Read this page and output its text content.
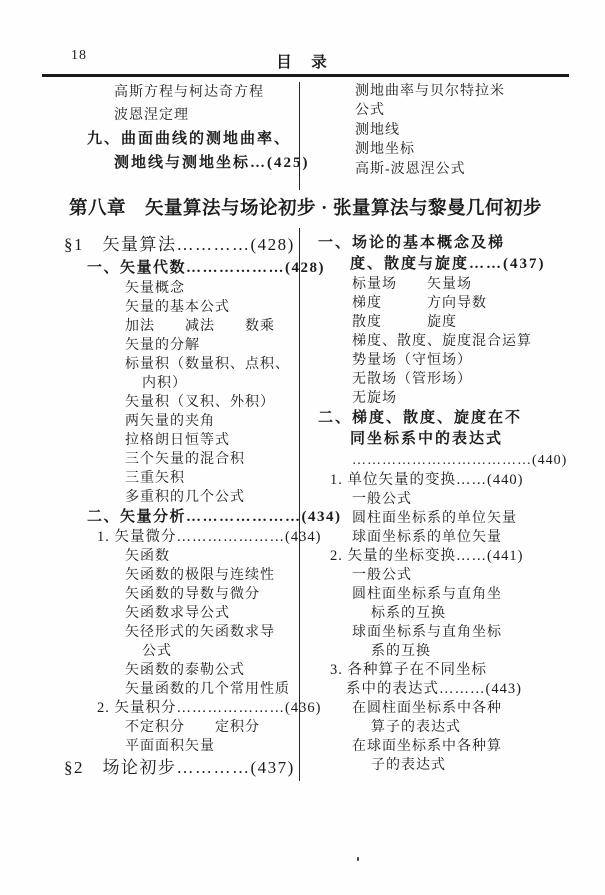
18	目　录
高斯方程与柯达奇方程
波恩涅定理
九、曲面曲线的测地曲率、
测地线与测地坐标…(425)
测地曲率与贝尔特拉米
公式
测地线
测地坐标
高斯-波恩涅公式
第八章　矢量算法与场论初步 · 张量算法与黎曼几何初步
§1　矢量算法…………(428)
一、矢量代数………………(428)
矢量概念
矢量的基本公式
加法　　减法　　数乘
矢量的分解
标量积（数量积、点积、
内积）
矢量积（叉积、外积）
两矢量的夹角
拉格朗日恒等式
三个矢量的混合积
三重矢积
多重积的几个公式
二、矢量分析…………………(434)
1. 矢量微分…………………(434)
矢函数
矢函数的极限与连续性
矢函数的导数与微分
矢函数求导公式
矢径形式的矢函数求导
公式
矢函数的泰勒公式
矢量函数的几个常用性质
2. 矢量积分…………………(436)
不定积分　　定积分
平面面积矢量
§2　场论初步…………(437)
一、场论的基本概念及梯
度、散度与旋度……(437)
标量场　　矢量场
梯度　　　方向导数
散度　　　旋度
梯度、散度、旋度混合运算
势量场（守恒场）
无散场（管形场）
无旋场
二、梯度、散度、旋度在不
同坐标系中的表达式
………………………………(440)
1. 单位矢量的变换……(440)
一般公式
圆柱面坐标系的单位矢量
球面坐标系的单位矢量
2. 矢量的坐标变换……(441)
一般公式
圆柱面坐标系与直角坐
标系的互换
球面坐标系与直角坐标
系的互换
3. 各种算子在不同坐标
系中的表达式………(443)
在圆柱面坐标系中各种
算子的表达式
在球面坐标系中各种算
子的表达式
